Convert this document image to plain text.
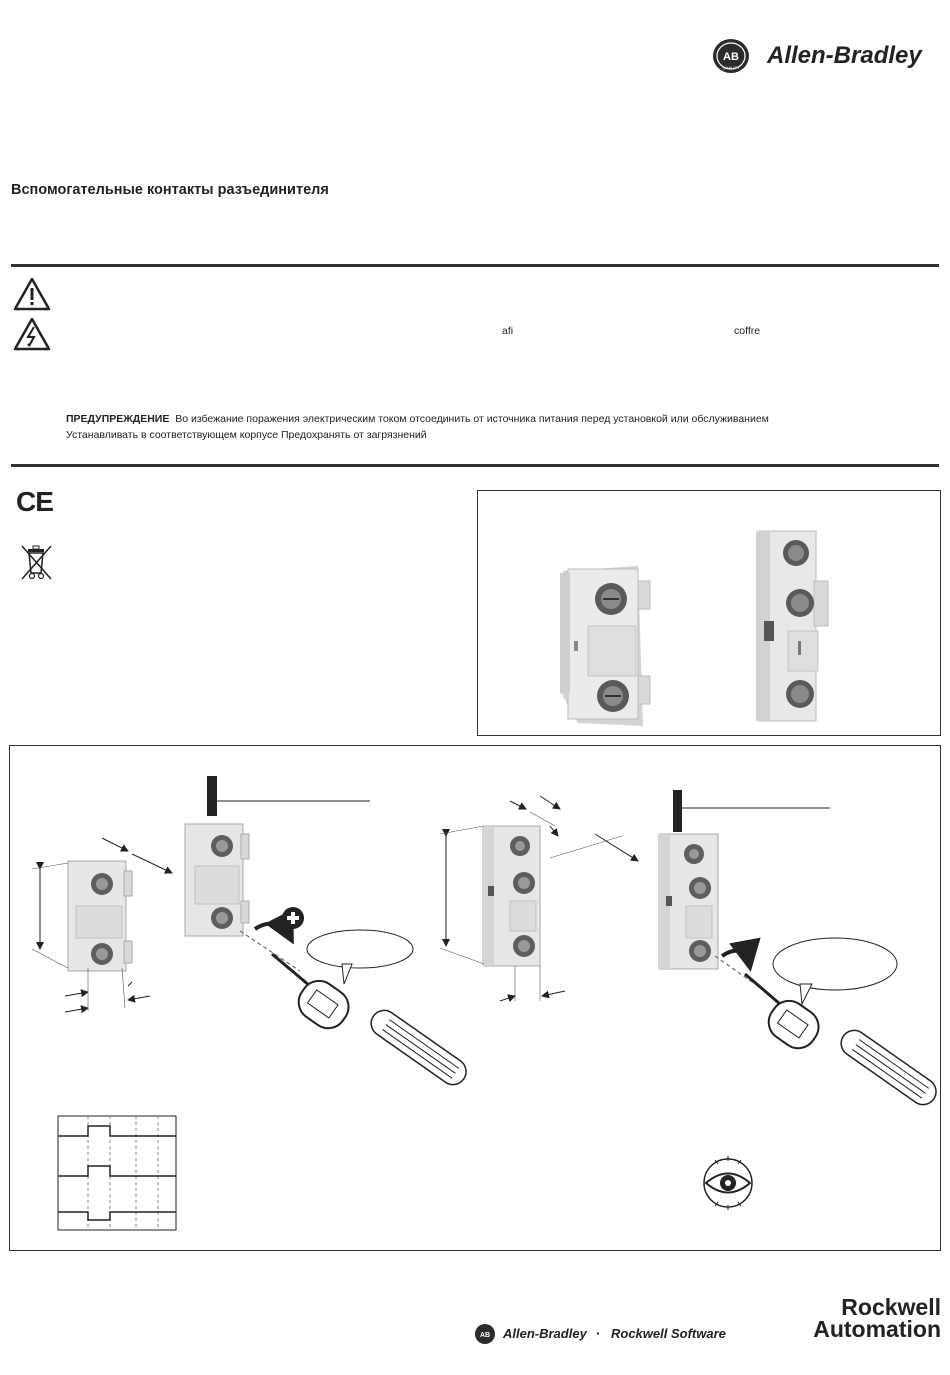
AB
QUALITY Allen-Bradley
Вспомогательные контакты разъединителя
afi	coffre
ПРЕДУПРЕЖДЕНИЕ Во избежание поражения электрическим током отсоединить от источника питания перед установкой или обслуживанием
Устанавливать в соответствующем корпусе Предохранять от загрязнений
CE
AB Allen-Bradley · Rockwell Software
Rockwell
Automation
